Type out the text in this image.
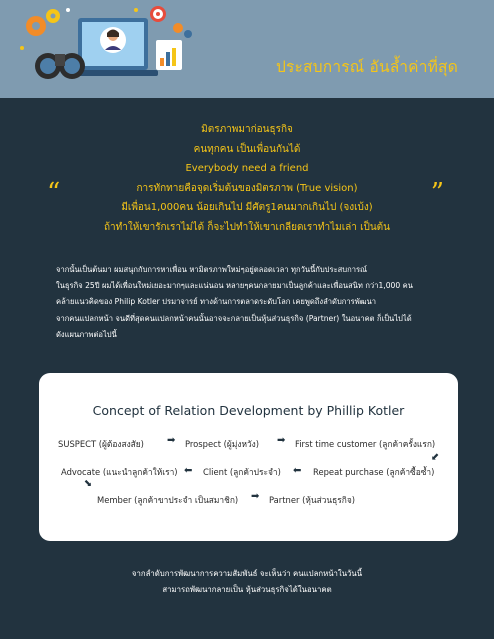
ประสบการณ์ อันล้ำค่าที่สุด

มิตรภาพมาก่อนธุรกิจ

คนทุกคน เป็นเพื่อนกันได้

Everybody need a friend

การทักทายคือจุดเริ่มต้นของมิตรภาพ (True vision)

มีเพื่อน1,000คน น้อยเกินไป มีศัตรู1คนมากเกินไป (จงเบ้ง)

ถ้าทำให้เขารักเราไม่ได้ ก็จะไปทำให้เขาเกลียดเราทำไมเล่า เป็นต้น

“	”
จากนั้นเป็นต้นมา ผมสนุกกับการหาเพื่อน หามิตรภาพใหม่ๆอยู่ตลอดเวลา ทุกวันนี้กับประสบการณ์
ในธุรกิจ 25ปี ผมได้เพื่อนใหม่เยอะมากๆและแน่นอน หลายๆคนกลายมาเป็นลูกค้าและเพื่อนสนิท กว่า1,000 คน
คล้ายแนวคิดของ Philip Kotler ปรมาจารย์ ทางด้านการตลาดระดับโลก เคยพูดถึงลำดับการพัฒนา
จากคนแปลกหน้า จนดีที่สุดคนแปลกหน้าคนนั้นอาจจะกลายเป็นหุ้นส่วนธุรกิจ (Partner) ในอนาคต ก็เป็นไปได้
ดังแผนภาพต่อไปนี้
Concept of Relation Development by Phillip Kotler
SUSPECT (ผู้ต้องสงสัย) ➡ Prospect (ผู้มุ่งหวัง) ➡ First time customer (ลูกค้าครั้งแรก)
➡
Advocate (แนะนำลูกค้าให้เรา) ➡ Client (ลูกค้าประจำ) ➡ Repeat purchase (ลูกค้าซื้อซ้ำ)
➡
Member (ลูกค้าขาประจำ เป็นสมาชิก) ➡ Partner (หุ้นส่วนธุรกิจ)
จากลำดับการพัฒนาการความสัมพันธ์ จะเห็นว่า คนแปลกหน้าในวันนี้
สามารถพัฒนากลายเป็น หุ้นส่วนธุรกิจได้ในอนาคต
